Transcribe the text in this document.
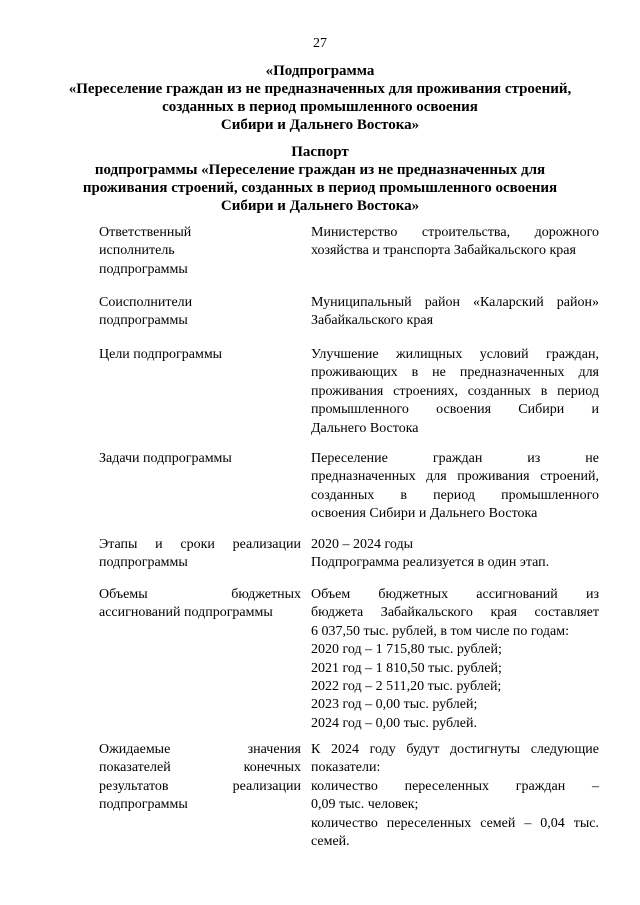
27
«Подпрограмма
«Переселение граждан из не предназначенных для проживания строений,
созданных в период промышленного освоения
Сибири и Дальнего Востока»
Паспорт
подпрограммы «Переселение граждан из не предназначенных для
проживания строений, созданных в период промышленного освоения
Сибири и Дальнего Востока»
Ответственный
исполнитель
подпрограммы
Министерство строительства, дорожного
хозяйства и транспорта Забайкальского края
Соисполнители
подпрограммы
Муниципальный район «Каларский район»
Забайкальского края
Цели подпрограммы	Улучшение жилищных условий граждан,
проживающих в не предназначенных для
проживания строениях, созданных в период
промышленного освоения Сибири и
Дальнего Востока
Задачи подпрограммы	Переселение граждан из не
предназначенных для проживания строений,
созданных в период промышленного
освоения Сибири и Дальнего Востока
Этапы и сроки реализации
подпрограммы
2020 – 2024 годы
Подпрограмма реализуется в один этап.
Объемы бюджетных
ассигнований подпрограммы
Объем бюджетных ассигнований из
бюджета Забайкальского края составляет
6 037,50 тыс. рублей, в том числе по годам:
2020 год – 1 715,80 тыс. рублей;
2021 год – 1 810,50 тыс. рублей;
2022 год – 2 511,20 тыс. рублей;
2023 год – 0,00 тыс. рублей;
2024 год – 0,00 тыс. рублей.
Ожидаемые значения
показателей конечных
результатов реализации
подпрограммы
К 2024 году будут достигнуты следующие
показатели:
количество переселенных граждан –
0,09 тыс. человек;
количество переселенных семей – 0,04 тыс.
семей.
